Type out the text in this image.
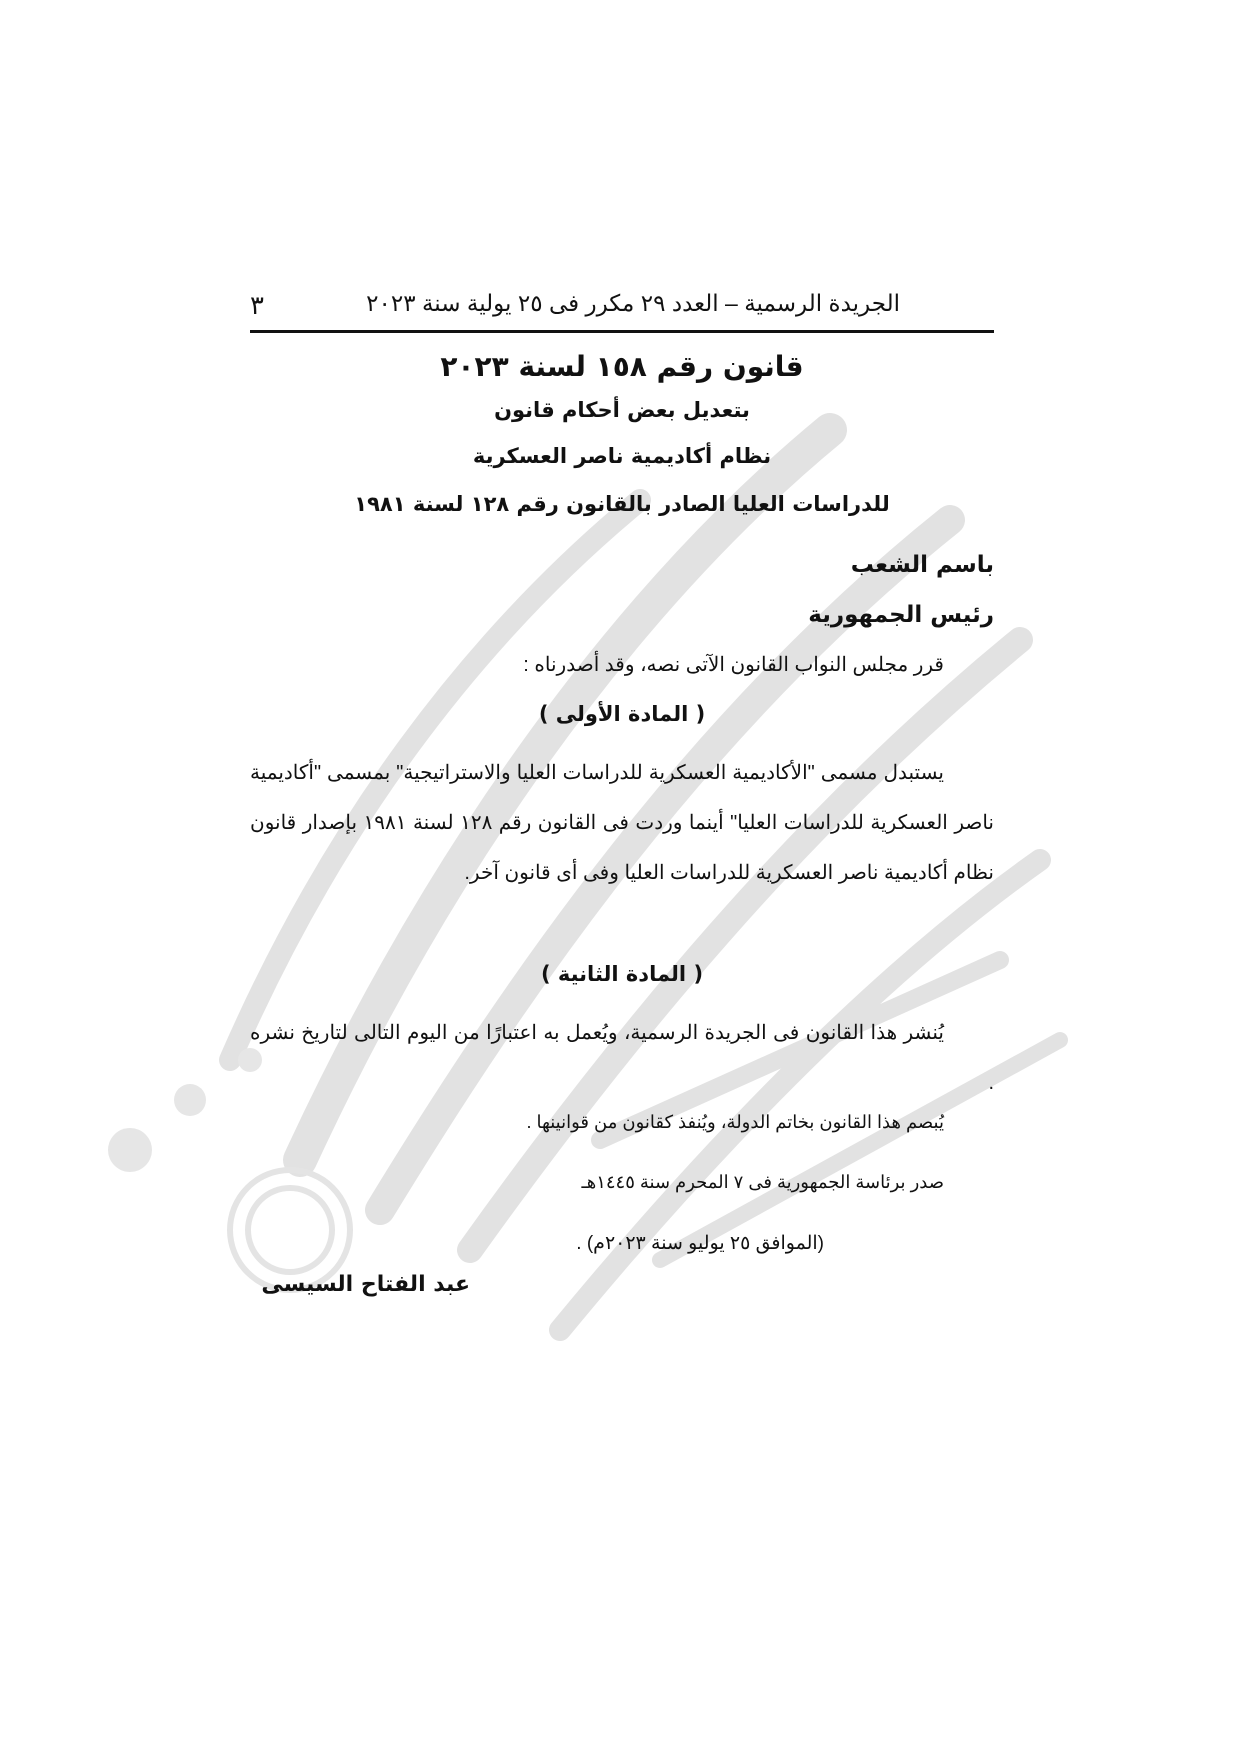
الجريدة الرسمية – العدد ٢٩ مكرر فى ٢٥ يولية سنة ٢٠٢٣
٣
قانون رقم ١٥٨ لسنة ٢٠٢٣
بتعديل بعض أحكام قانون
نظام أكاديمية ناصر العسكرية
للدراسات العليا الصادر بالقانون رقم ١٢٨ لسنة ١٩٨١
باسم الشعب
رئيس الجمهورية
قرر مجلس النواب القانون الآتى نصه، وقد أصدرناه :
( المادة الأولى )
يستبدل مسمى "الأكاديمية العسكرية للدراسات العليا والاستراتيجية" بمسمى "أكاديمية ناصر العسكرية للدراسات العليا" أينما وردت فى القانون رقم ١٢٨ لسنة ١٩٨١ بإصدار قانون نظام أكاديمية ناصر العسكرية للدراسات العليا وفى أى قانون آخر.
( المادة الثانية )
يُنشر هذا القانون فى الجريدة الرسمية، ويُعمل به اعتبارًا من اليوم التالى لتاريخ نشره .
يُبصم هذا القانون بخاتم الدولة، ويُنفذ كقانون من قوانينها .
صدر برئاسة الجمهورية فى ٧ المحرم سنة ١٤٤٥هـ
(الموافق ٢٥ يوليو سنة ٢٠٢٣م) .
عبد الفتاح السيسى
